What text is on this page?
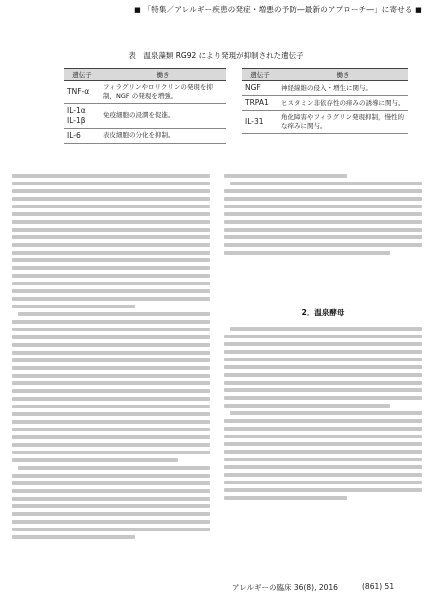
■ 「特集／アレルギー疾患の発症・増悪の予防―最新のアプローチ―」に寄せる ■
表　温泉藻類 RG92 により発現が抑制された遺伝子
遺伝子	働き
TNF-α	フィラグリンやロリクリンの発現を抑制，NGF の発現を増強。
IL-1α
IL-1β	免疫細胞の浸潤を促進。
IL-6	表皮細胞の分化を抑制。
遺伝子	働き
NGF	神経線維の侵入・増生に関与。
TRPA1	ヒスタミン非依存性の痒みの誘導に関与。
IL-31	角化障害やフィラグリン発現抑制，慢性的な痒みに関与。
2．温泉酵母
アレルギーの臨床 36(8), 2016	(861) 51
